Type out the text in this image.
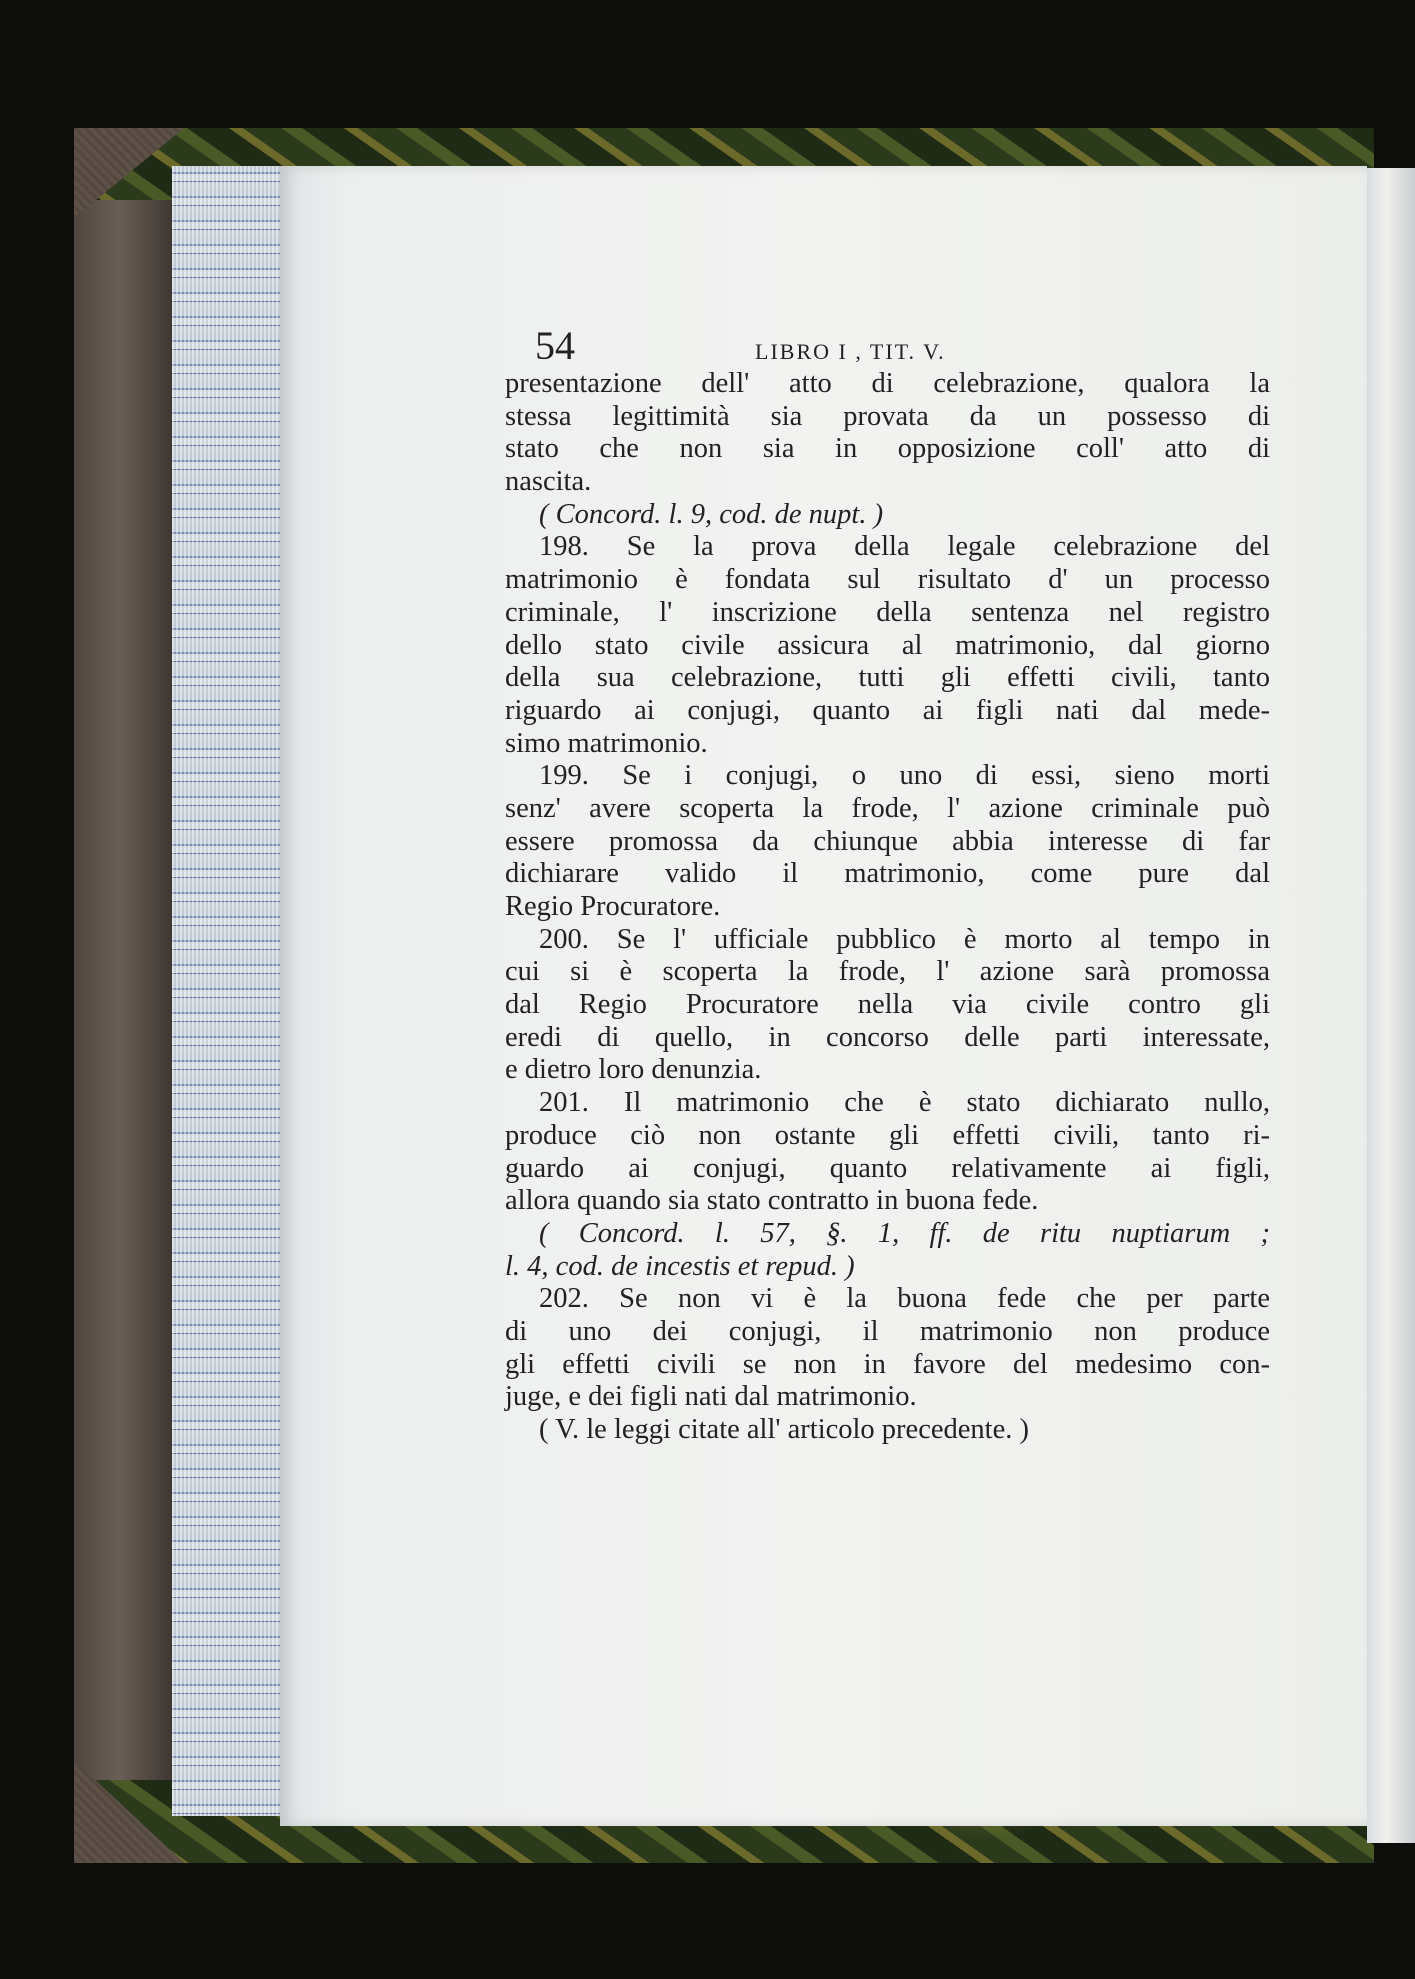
54	LIBRO I , TIT. V.
presentazione dell' atto di celebrazione, qualora la
stessa legittimità sia provata da un possesso di
stato che non sia in opposizione coll' atto di
nascita.
( Concord. l. 9, cod. de nupt. )
198. Se la prova della legale celebrazione del
matrimonio è fondata sul risultato d' un processo
criminale, l' inscrizione della sentenza nel registro
dello stato civile assicura al matrimonio, dal giorno
della sua celebrazione, tutti gli effetti civili, tanto
riguardo ai conjugi, quanto ai figli nati dal mede-
simo matrimonio.
199. Se i conjugi, o uno di essi, sieno morti
senz' avere scoperta la frode, l' azione criminale può
essere promossa da chiunque abbia interesse di far
dichiarare valido il matrimonio, come pure dal
Regio Procuratore.
200. Se l' ufficiale pubblico è morto al tempo in
cui si è scoperta la frode, l' azione sarà promossa
dal Regio Procuratore nella via civile contro gli
eredi di quello, in concorso delle parti interessate,
e dietro loro denunzia.
201. Il matrimonio che è stato dichiarato nullo,
produce ciò non ostante gli effetti civili, tanto ri-
guardo ai conjugi, quanto relativamente ai figli,
allora quando sia stato contratto in buona fede.
( Concord. l. 57, §. 1, ff. de ritu nuptiarum ;
l. 4, cod. de incestis et repud. )
202. Se non vi è la buona fede che per parte
di uno dei conjugi, il matrimonio non produce
gli effetti civili se non in favore del medesimo con-
juge, e dei figli nati dal matrimonio.
( V. le leggi citate all' articolo precedente. )
